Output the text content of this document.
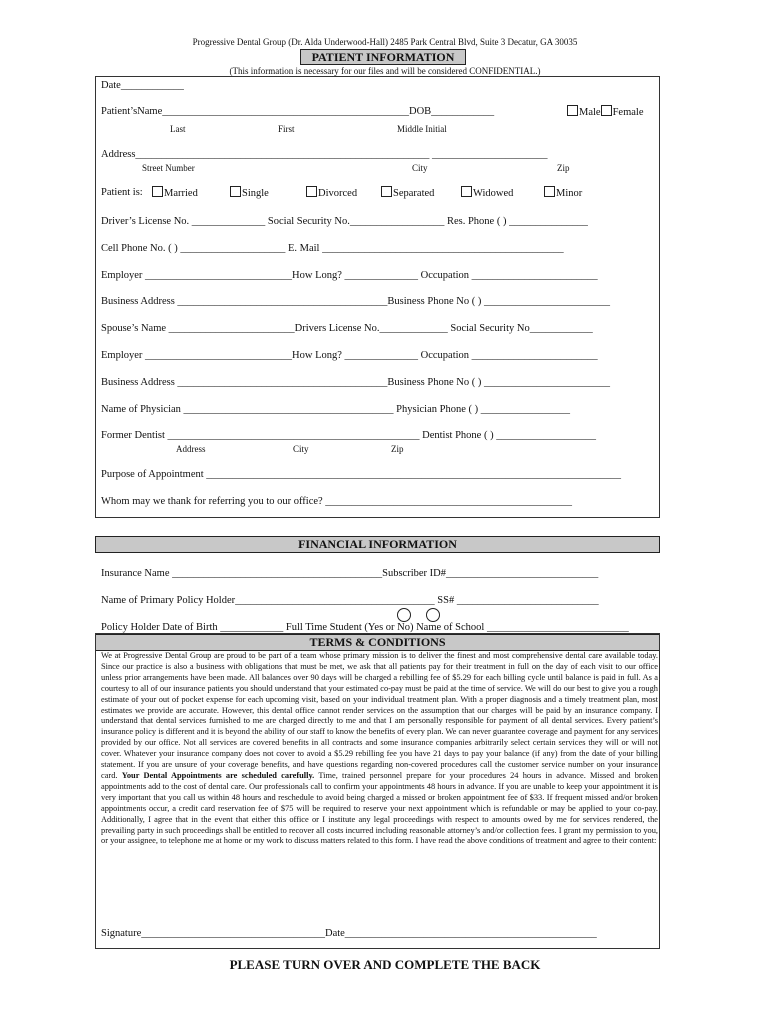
Progressive Dental Group (Dr. Alda Underwood-Hall) 2485 Park Central Blvd, Suite 3 Decatur, GA 30035
PATIENT INFORMATION
(This information is necessary for our files and will be considered CONFIDENTIAL.)
Date____________
Patient’sName_______________________________________________DOB____________	Male Female
Last	First	Middle Initial
Address________________________________________________________ ______________________
Street Number	City	Zip
Patient is:	Married	Single	Divorced	Separated	Widowed	Minor
Driver’s License No. ______________ Social Security No.__________________ Res. Phone ( ) _______________
Cell Phone No. ( ) ____________________ E. Mail ______________________________________________
Employer ____________________________How Long? ______________ Occupation ________________________
Business Address ________________________________________Business Phone No ( ) ________________________
Spouse’s Name ________________________Drivers License No._____________ Social Security No____________
Employer ____________________________How Long? ______________ Occupation ________________________
Business Address ________________________________________Business Phone No ( ) ________________________
Name of Physician ________________________________________ Physician Phone ( ) _________________
Former Dentist ________________________________________________ Dentist Phone ( ) ___________________
Address	City	Zip
Purpose of Appointment _______________________________________________________________________________
Whom may we thank for referring you to our office? _______________________________________________
FINANCIAL INFORMATION
Insurance Name ________________________________________Subscriber ID#_____________________________
Name of Primary Policy Holder______________________________________ SS# ___________________________
Policy Holder Date of Birth ____________ Full Time Student (Yes or No) Name of School ___________________________
TERMS & CONDITIONS

We at Progressive Dental Group are proud to be part of a team whose primary mission is to deliver the finest and most comprehensive dental care available today. Since our practice is also a business with obligations that must be met, we ask that all patients pay for their treatment in full on the day of each visit to our office unless prior arrangements have been made. All balances over 90 days will be charged a rebilling fee of $5.29 for each billing cycle until balance is paid in full. As a courtesy to all of our insurance patients you should understand that your estimated co-pay must be paid at the time of service. We will do our best to give you a rough estimate of your out of pocket expense for each upcoming visit, based on your individual treatment plan. With a proper diagnosis and a timely treatment plan, most estimates we provide are accurate. However, this dental office cannot render services on the assumption that our charges will be paid by an insurance company. I understand that dental services furnished to me are charged directly to me and that I am personally responsible for payment of all dental services. Every patient’s insurance policy is different and it is beyond the ability of our staff to know the benefits of every plan. We can never guarantee coverage and payment for any services provided by our office. Not all services are covered benefits in all contracts and some insurance companies arbitrarily select certain services they will or will not cover. Whatever your insurance company does not cover to avoid a $5.29 rebilling fee you have 21 days to pay your balance (if any) from the date of your billing statement. If you are unsure of your coverage benefits, and have questions regarding non-covered procedures call the customer service number on your insurance card. Your Dental Appointments are scheduled carefully. Time, trained personnel prepare for your procedures 24 hours in advance. Missed and broken appointments add to the cost of dental care. Our professionals call to confirm your appointments 48 hours in advance. If you are unable to keep your appointment it is very important that you call us within 48 hours and reschedule to avoid being charged a missed or broken appointment fee of $33. If frequent missed and/or broken appointments occur, a credit card reservation fee of $75 will be required to reserve your next appointment which is refundable or may be applied to your co-pay. Additionally, I agree that in the event that either this office or I institute any legal proceedings with respect to amounts owed by me for services rendered, the prevailing party in such proceedings shall be entitled to recover all costs incurred including reasonable attorney’s and/or collection fees. I grant my permission to you, or your assignee, to telephone me at home or my work to discuss matters related to this form. I have read the above conditions of treatment and agree to their content:

Signature___________________________________Date________________________________________________
PLEASE TURN OVER AND COMPLETE THE BACK
